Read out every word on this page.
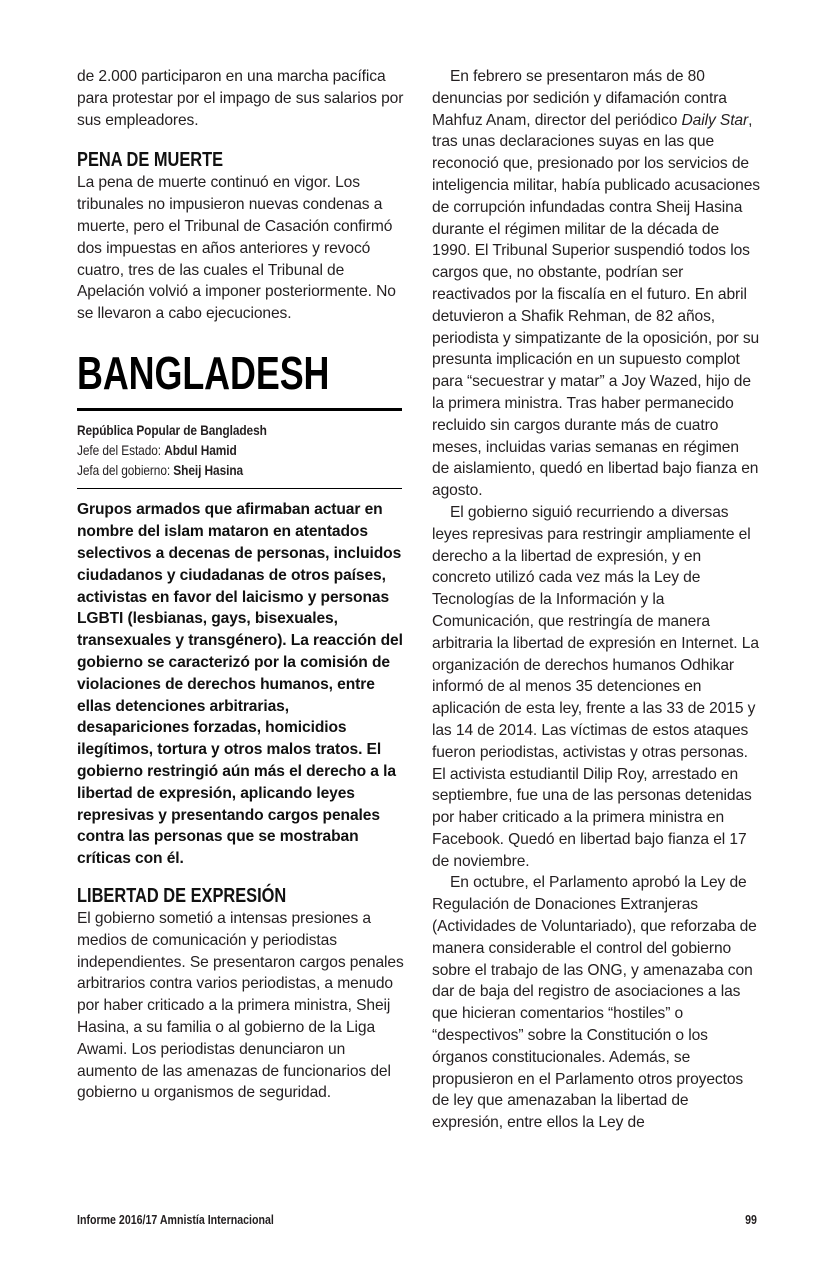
de 2.000 participaron en una marcha pacífica para protestar por el impago de sus salarios por sus empleadores.

PENA DE MUERTE

La pena de muerte continuó en vigor. Los tribunales no impusieron nuevas condenas a muerte, pero el Tribunal de Casación confirmó dos impuestas en años anteriores y revocó cuatro, tres de las cuales el Tribunal de Apelación volvió a imponer posteriormente. No se llevaron a cabo ejecuciones.

BANGLADESH
República Popular de Bangladesh
Jefe del Estado: Abdul Hamid
Jefa del gobierno: Sheij Hasina

Grupos armados que afirmaban actuar en nombre del islam mataron en atentados selectivos a decenas de personas, incluidos ciudadanos y ciudadanas de otros países, activistas en favor del laicismo y personas LGBTI (lesbianas, gays, bisexuales, transexuales y transgénero). La reacción del gobierno se caracterizó por la comisión de violaciones de derechos humanos, entre ellas detenciones arbitrarias, desapariciones forzadas, homicidios ilegítimos, tortura y otros malos tratos. El gobierno restringió aún más el derecho a la libertad de expresión, aplicando leyes represivas y presentando cargos penales contra las personas que se mostraban críticas con él.

LIBERTAD DE EXPRESIÓN

El gobierno sometió a intensas presiones a medios de comunicación y periodistas independientes. Se presentaron cargos penales arbitrarios contra varios periodistas, a menudo por haber criticado a la primera ministra, Sheij Hasina, a su familia o al gobierno de la Liga Awami. Los periodistas denunciaron un aumento de las amenazas de funcionarios del gobierno u organismos de seguridad.

En febrero se presentaron más de 80 denuncias por sedición y difamación contra Mahfuz Anam, director del periódico Daily Star, tras unas declaraciones suyas en las que reconoció que, presionado por los servicios de inteligencia militar, había publicado acusaciones de corrupción infundadas contra Sheij Hasina durante el régimen militar de la década de 1990. El Tribunal Superior suspendió todos los cargos que, no obstante, podrían ser reactivados por la fiscalía en el futuro. En abril detuvieron a Shafik Rehman, de 82 años, periodista y simpatizante de la oposición, por su presunta implicación en un supuesto complot para “secuestrar y matar” a Joy Wazed, hijo de la primera ministra. Tras haber permanecido recluido sin cargos durante más de cuatro meses, incluidas varias semanas en régimen de aislamiento, quedó en libertad bajo fianza en agosto.

El gobierno siguió recurriendo a diversas leyes represivas para restringir ampliamente el derecho a la libertad de expresión, y en concreto utilizó cada vez más la Ley de Tecnologías de la Información y la Comunicación, que restringía de manera arbitraria la libertad de expresión en Internet. La organización de derechos humanos Odhikar informó de al menos 35 detenciones en aplicación de esta ley, frente a las 33 de 2015 y las 14 de 2014. Las víctimas de estos ataques fueron periodistas, activistas y otras personas. El activista estudiantil Dilip Roy, arrestado en septiembre, fue una de las personas detenidas por haber criticado a la primera ministra en Facebook. Quedó en libertad bajo fianza el 17 de noviembre.

En octubre, el Parlamento aprobó la Ley de Regulación de Donaciones Extranjeras (Actividades de Voluntariado), que reforzaba de manera considerable el control del gobierno sobre el trabajo de las ONG, y amenazaba con dar de baja del registro de asociaciones a las que hicieran comentarios “hostiles” o “despectivos” sobre la Constitución o los órganos constitucionales. Además, se propusieron en el Parlamento otros proyectos de ley que amenazaban la libertad de expresión, entre ellos la Ley de

Informe 2016/17 Amnistía Internacional	99
